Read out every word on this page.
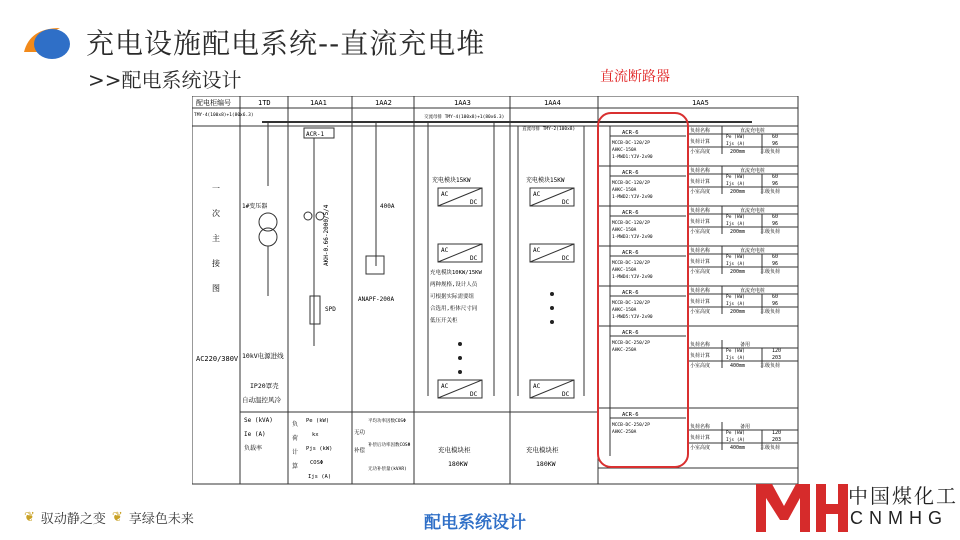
充电设施配电系统--直流充电堆
>>配电系统设计	直流断路器
配电柜编号
TMY-4(100x8)+1(80x6.3)
1TD	1AA1	1AA2	1AA3	1AA4	1AA5
交流母排 TMY-4(100x8)+1(80x6.3)
直流母排 TMY-2(100x8)
一
次
主
接
图
AC220/380V
1#变压器
10kV电源进线
IP20罩壳
自动温控风冷
ACR-1
AKH-0.66-2000/5/4
SPD
400A
ANAPF-200A
充电模块15KW
AC
DC
AC
DC
充电模块10KW/15KW
两种规格,设计人员
可根据实际需要组
合选用,柜体尺寸同
低压开关柜
AC
DC
充电模块15KW
AC
DC
AC
DC
AC
DC
Se (kVA)
Ie (A)
负载率
负
荷
计
算
Pe (kW)
kx
Pjs (kW)
COSΦ
Ijs (A)
无功
补偿
平均功率因数COSΦ
补偿后功率因数COSΦ
无功补偿量(kVAR)
充电模块柜
180KW
充电模块柜
180KW
ACR-6
MCCB-DC-120/2P
AHKC-150A
1-MWD1:YJV-2x90
负荷名称	直流充电桩
负荷计算
Pe (kW)	60
Ijs (A)	96
小室高度	200mm	三级负荷
ACR-6
MCCB-DC-120/2P
AHKC-150A
1-MWD2:YJV-2x90
负荷名称	直流充电桩
负荷计算
Pe (kW)	60
Ijs (A)	96
小室高度	200mm	三级负荷
ACR-6
MCCB-DC-120/2P
AHKC-150A
1-MWD3:YJV-2x90
负荷名称	直流充电桩
负荷计算
Pe (kW)	60
Ijs (A)	96
小室高度	200mm	三级负荷
ACR-6
MCCB-DC-120/2P
AHKC-150A
1-MWD4:YJV-2x90
负荷名称	直流充电桩
负荷计算
Pe (kW)	60
Ijs (A)	96
小室高度	200mm	三级负荷
ACR-6
MCCB-DC-120/2P
AHKC-150A
1-MWD5:YJV-2x90
负荷名称	直流充电桩
负荷计算
Pe (kW)	60
Ijs (A)	96
小室高度	200mm	三级负荷
ACR-6
MCCB-DC-250/2P
AHKC-250A
负荷名称	备用
负荷计算
Pe (kW)	120
Ijs (A)	203
小室高度	400mm	三级负荷
ACR-6
MCCB-DC-250/2P
AHKC-250A
负荷名称	备用
负荷计算
Pe (kW)	120
Ijs (A)	203
小室高度	400mm	三级负荷
❦ 驭动静之变 ❦ 享绿色未来	配电系统设计
中国煤化工
CNMHG
